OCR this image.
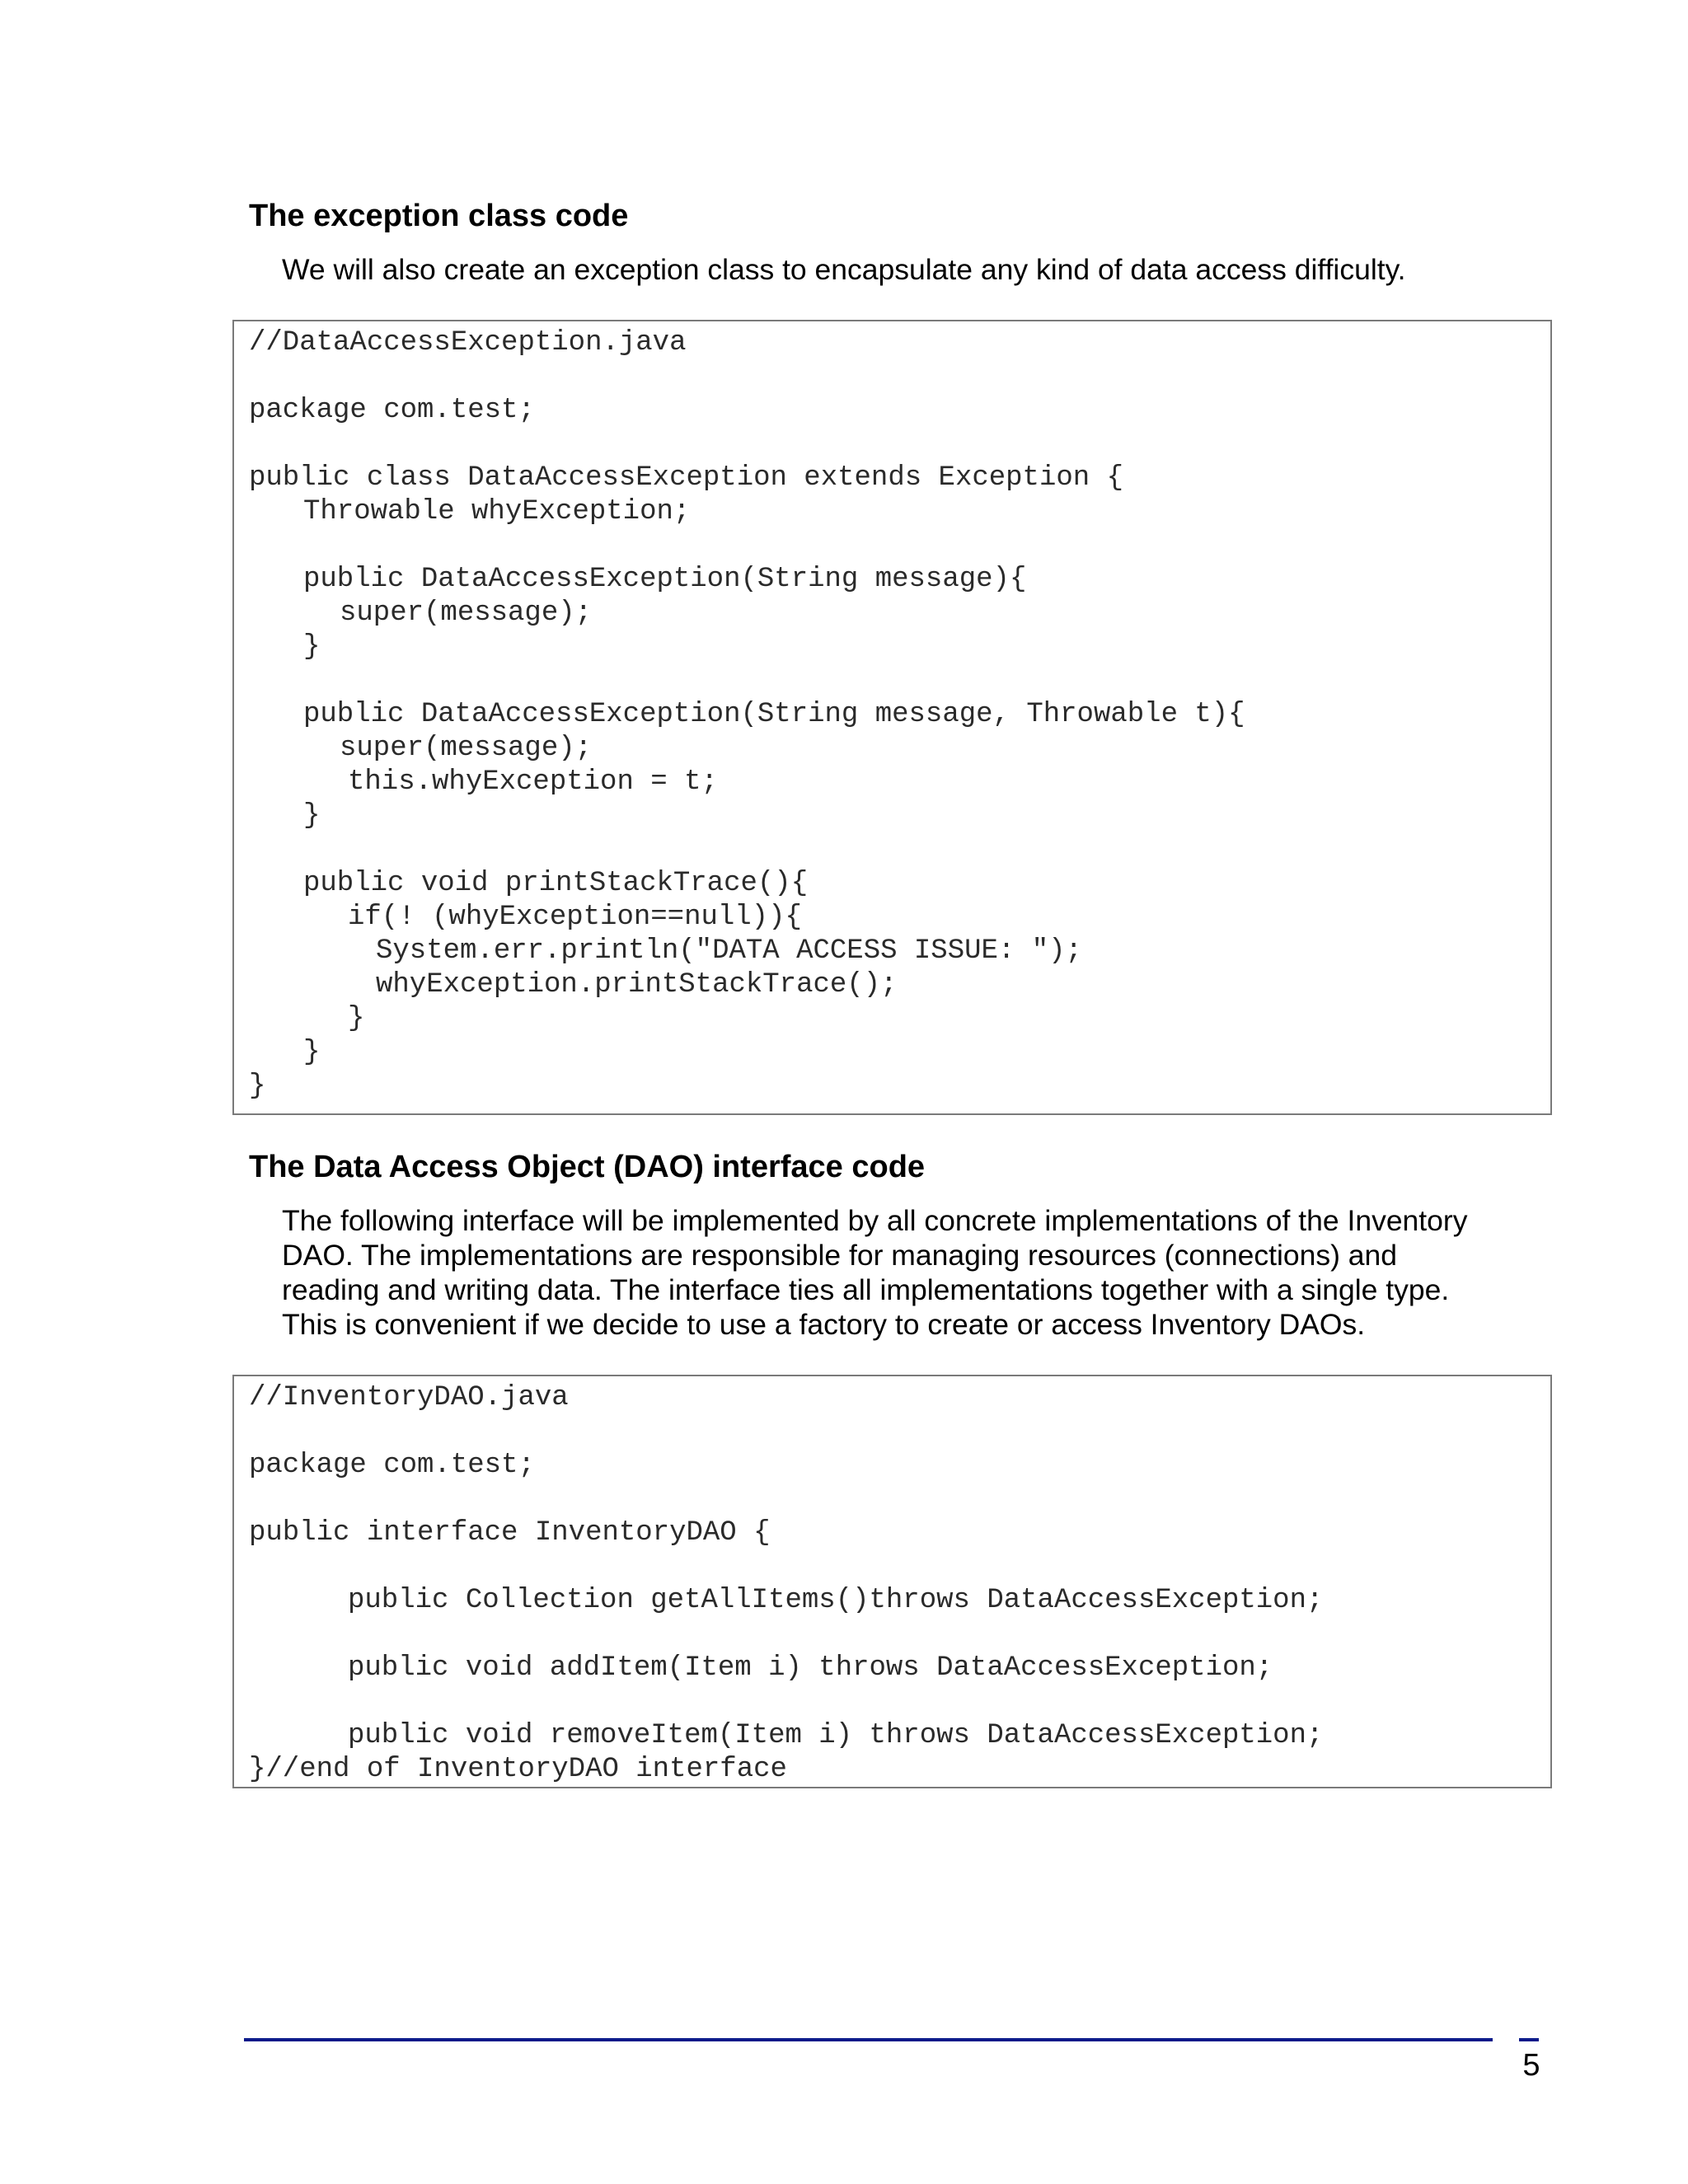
The exception class code
We will also create an exception class to encapsulate any kind of data access difficulty.
//DataAccessException.java
package com.test;
public class DataAccessException extends Exception {
Throwable whyException;
public DataAccessException(String message){
super(message);
}
public DataAccessException(String message, Throwable t){
super(message);
this.whyException = t;
}
public void printStackTrace(){
if(! (whyException==null)){
System.err.println("DATA ACCESS ISSUE: ");
whyException.printStackTrace();
}
}
}
The Data Access Object (DAO) interface code
The following interface will be implemented by all concrete implementations of the Inventory
DAO. The implementations are responsible for managing resources (connections) and
reading and writing data. The interface ties all implementations together with a single type.
This is convenient if we decide to use a factory to create or access Inventory DAOs.
//InventoryDAO.java
package com.test;
public interface InventoryDAO {
public Collection getAllItems()throws DataAccessException;
public void addItem(Item i) throws DataAccessException;
public void removeItem(Item i) throws DataAccessException;
}//end of InventoryDAO interface
5
